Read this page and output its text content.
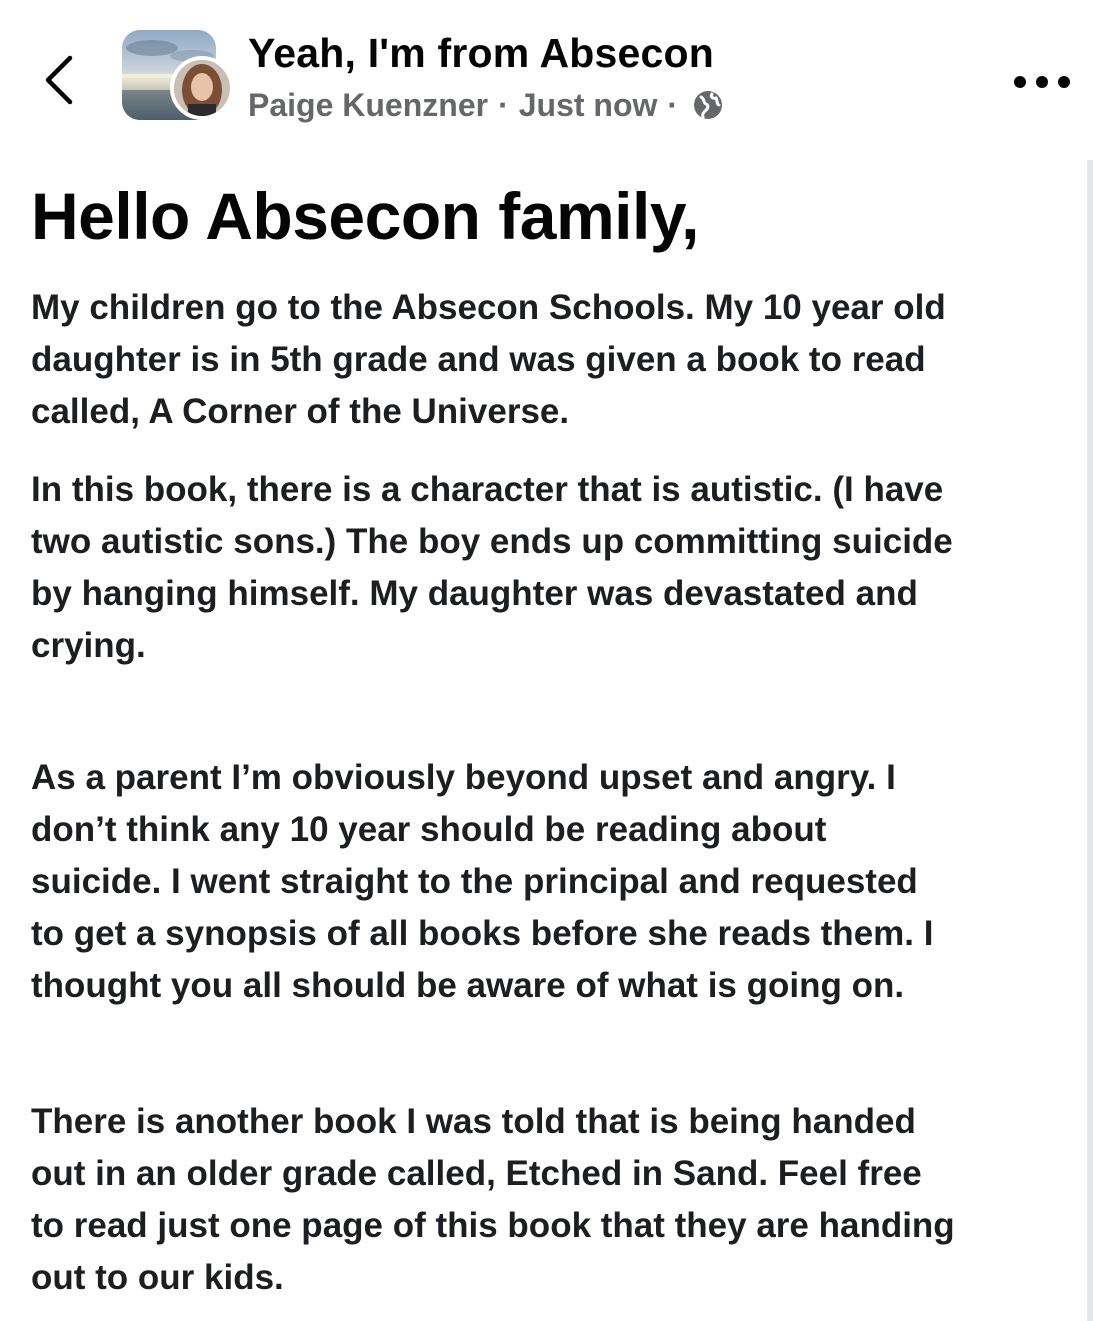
Yeah, I'm from Absecon
Paige Kuenzner · Just now ·
Hello Absecon family,

My children go to the Absecon Schools. My 10 year old
daughter is in 5th grade and was given a book to read
called, A Corner of the Universe.

In this book, there is a character that is autistic. (I have
two autistic sons.) The boy ends up committing suicide
by hanging himself. My daughter was devastated and
crying.

As a parent I’m obviously beyond upset and angry. I
don’t think any 10 year should be reading about
suicide. I went straight to the principal and requested
to get a synopsis of all books before she reads them. I
thought you all should be aware of what is going on.

There is another book I was told that is being handed
out in an older grade called, Etched in Sand. Feel free
to read just one page of this book that they are handing
out to our kids.
